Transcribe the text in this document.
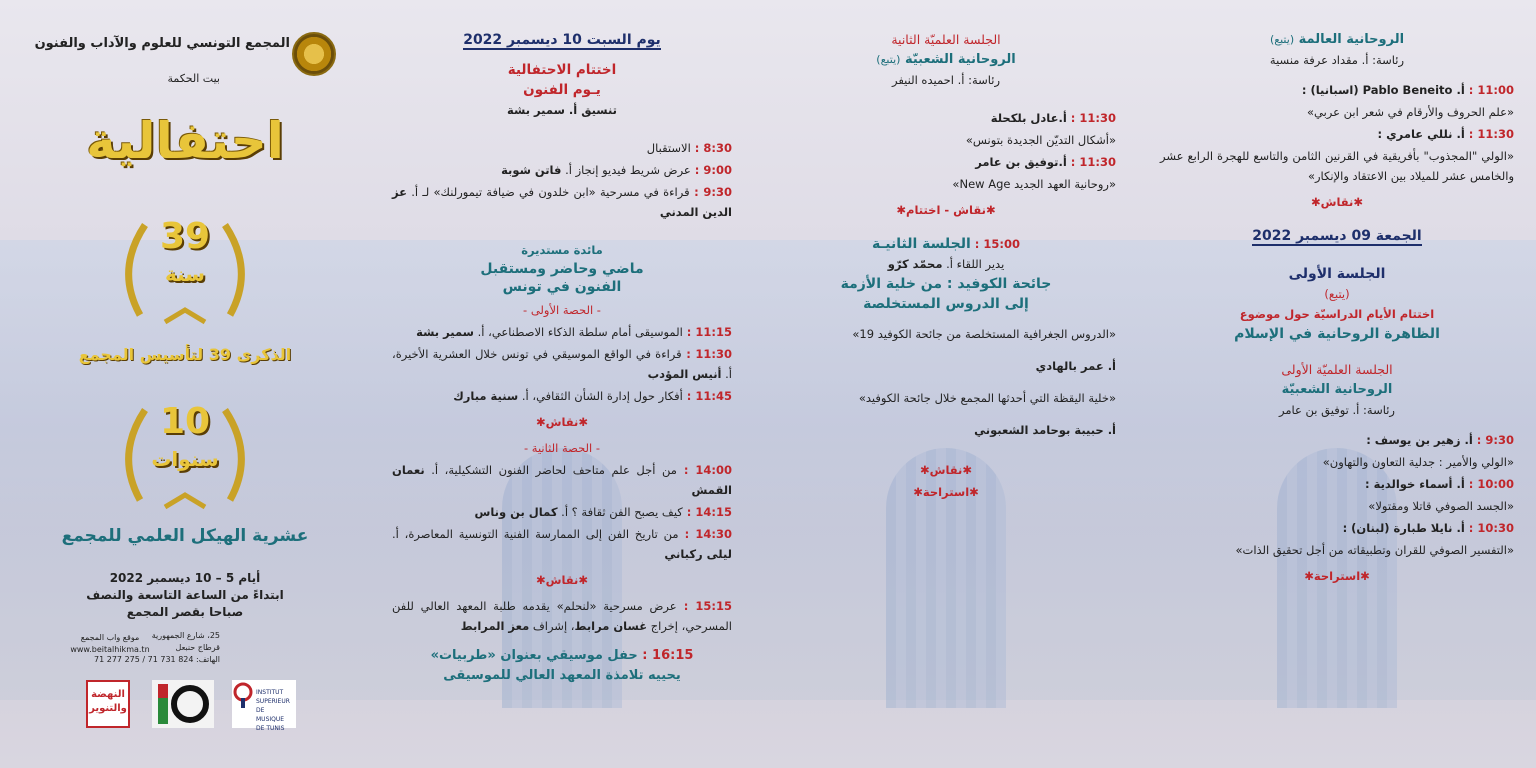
المجمع التونسي للعلوم والآداب والفنون
بيت الحكمة
احتفالية
39
سنة
الذكرى 39 لتأسيس المجمع
10
سنوات
عشرية الهيكل العلمي للمجمع
أيام 5 – 10 ديسمبر 2022
ابتداءً من الساعة التاسعة والنصف
صباحا بقصر المجمع
25، شارع الجمهورية
قرطاج حنبعل
الهاتف: 824 731 71 / 275 277 71
موقع واب المجمع
www.beitalhikma.tn
النهضة والتنوير
INSTITUT SUPERIEUR DE MUSIQUE DE TUNIS
يوم السبت 10 ديسمبر 2022
اختتام الاحتفالية
يـوم الفنون
تنسيق أ. سمير بشة
8:30 : الاستقبال
9:00 : عرض شريط فيديو إنجاز أ. فاتن شوبة
9:30 : قراءة في مسرحية «ابن خلدون في ضيافة تيمورلنك» لـ أ. عز الدين المدني
مائدة مستديرة
ماضي وحاضر ومستقبل الفنون في تونس
- الحصة الأولى -
11:15 : الموسيقى أمام سلطة الذكاء الاصطناعي، أ. سمير بشة
11:30 : قراءة في الواقع الموسيقي في تونس خلال العشرية الأخيرة، أ. أنيس المؤدب
11:45 : أفكار حول إدارة الشأن الثقافي، أ. سنية مبارك
✱نقاش✱
- الحصة الثانية -
14:00 : من أجل علم متاحف لحاضر الفنون التشكيلية، أ. نعمان القمش
14:15 : كيف يصبح الفن ثقافة ؟ أ. كمال بن وناس
14:30 : من تاريخ الفن إلى الممارسة الفنية التونسية المعاصرة، أ. ليلى ركباني
✱نقاش✱
15:15 : عرض مسرحية «لنحلم» يقدمه طلبة المعهد العالي للفن المسرحي، إخراج غسان مرابط، إشراف معز المرابط
16:15 : حفل موسيقي بعنوان «طربيات»
يحييه تلامذة المعهد العالي للموسيقى
الجلسة العلميّة الثانية
الروحانية الشعبيّة (يتبع)
رئاسة: أ. احميده النيفر
11:30 : أ.عادل بلكحلة
«أشكال التديّن الجديدة بتونس»
11:30 : أ.توفيق بن عامر
«روحانية العهد الجديد New Age»
✱نقاش - اختتام✱
15:00 : الجلسة الثانيـة
يدير اللقاء أ. محمّد كرّو
جائحة الكوفيد : من خلية الأزمة
إلى الدروس المستخلصة
«الدروس الجغرافية المستخلصة من جائحة الكوفيد 19»
أ. عمر بالهادي
«خلية اليقظة التي أحدثها المجمع خلال جائحة الكوفيد»
أ. حبيبة بوحامد الشعبوني
✱نقاش✱
✱استراحة✱
الروحانية العالمة (يتبع)
رئاسة: أ. مقداد عرفة منسية
11:00 : أ. Pablo Beneito (اسبانيا) :
«علم الحروف والأرقام في شعر ابن عربي»
11:30 : أ. نللي عامري :
«الولي "المجذوب" بأفريقية في القرنين الثامن والتاسع للهجرة الرابع عشر والخامس عشر للميلاد بين الاعتقاد والإنكار»
✱نقاش✱
الجمعة 09 ديسمبر 2022
الجلسة الأولى
(يتبع)
اختتام الأيام الدراسيّة حول موضوع
الظاهرة الروحانية في الإسلام
الجلسة العلميّة الأولى
الروحانية الشعبيّة
رئاسة: أ. توفيق بن عامر
9:30 : أ. زهير بن يوسف :
«الولي والأمير : جدلية التعاون والتهاون»
10:00 : أ. أسماء خوالدية :
«الجسد الصوفي قاتلا ومقتولا»
10:30 : أ. نايلا طبارة (لبنان) :
«التفسير الصوفي للقران وتطبيقاته من أجل تحقيق الذات»
✱استراحة✱
